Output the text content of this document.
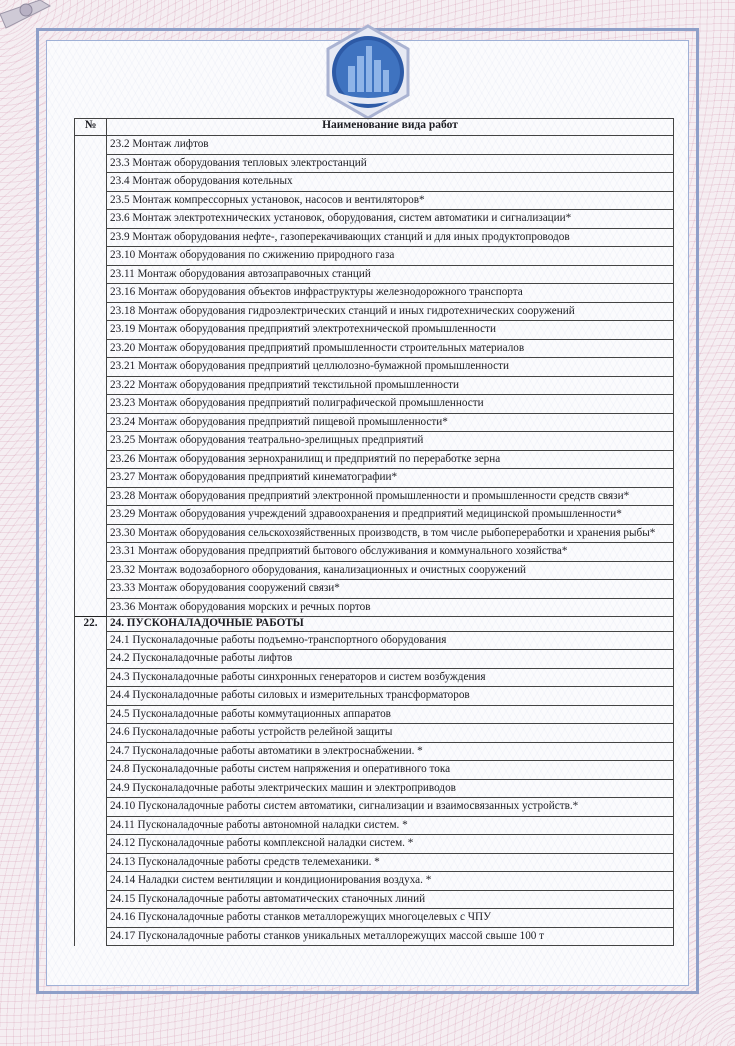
№	Наименование вида работ
	23.2 Монтаж лифтов
	23.3 Монтаж оборудования тепловых электростанций
	23.4 Монтаж оборудования котельных
	23.5 Монтаж компрессорных установок, насосов и вентиляторов*
	23.6 Монтаж электротехнических установок, оборудования, систем автоматики и сигнализации*
	23.9 Монтаж оборудования нефте-, газоперекачивающих станций и для иных продуктопроводов
	23.10 Монтаж оборудования по сжижению природного газа
	23.11 Монтаж оборудования автозаправочных станций
	23.16 Монтаж оборудования объектов инфраструктуры железнодорожного транспорта
	23.18 Монтаж оборудования гидроэлектрических станций и иных гидротехнических сооружений
	23.19 Монтаж оборудования предприятий электротехнической промышленности
	23.20 Монтаж оборудования предприятий промышленности строительных материалов
	23.21 Монтаж оборудования предприятий целлюлозно-бумажной промышленности
	23.22 Монтаж оборудования предприятий текстильной промышленности
	23.23 Монтаж оборудования предприятий полиграфической промышленности
	23.24 Монтаж оборудования предприятий пищевой промышленности*
	23.25 Монтаж оборудования театрально-зрелищных предприятий
	23.26 Монтаж оборудования зернохранилищ и предприятий по переработке зерна
	23.27 Монтаж оборудования предприятий кинематографии*
	23.28 Монтаж оборудования предприятий электронной промышленности и промышленности средств связи*
	23.29 Монтаж оборудования учреждений здравоохранения и предприятий медицинской промышленности*
	23.30 Монтаж оборудования сельскохозяйственных производств, в том числе рыбопереработки и хранения рыбы*
	23.31 Монтаж оборудования предприятий бытового обслуживания и коммунального хозяйства*
	23.32 Монтаж водозаборного оборудования, канализационных и очистных сооружений
	23.33 Монтаж оборудования сооружений связи*
	23.36 Монтаж оборудования морских и речных портов
22.	24. ПУСКОНАЛАДОЧНЫЕ РАБОТЫ
	24.1 Пусконаладочные работы подъемно-транспортного оборудования
	24.2 Пусконаладочные работы лифтов
	24.3 Пусконаладочные работы синхронных генераторов и систем возбуждения
	24.4 Пусконаладочные работы силовых и измерительных трансформаторов
	24.5 Пусконаладочные работы коммутационных аппаратов
	24.6 Пусконаладочные работы устройств релейной защиты
	24.7 Пусконаладочные работы автоматики в электроснабжении. *
	24.8 Пусконаладочные работы систем напряжения и оперативного тока
	24.9 Пусконаладочные работы электрических машин и электроприводов
	24.10 Пусконаладочные работы систем автоматики, сигнализации и взаимосвязанных устройств.*
	24.11 Пусконаладочные работы автономной наладки систем. *
	24.12 Пусконаладочные работы комплексной наладки систем. *
	24.13 Пусконаладочные работы средств телемеханики. *
	24.14 Наладки систем вентиляции и кондиционирования воздуха. *
	24.15 Пусконаладочные работы автоматических станочных линий
	24.16 Пусконаладочные работы станков металлорежущих многоцелевых с ЧПУ
	24.17 Пусконаладочные работы станков уникальных металлорежущих массой свыше 100 т
